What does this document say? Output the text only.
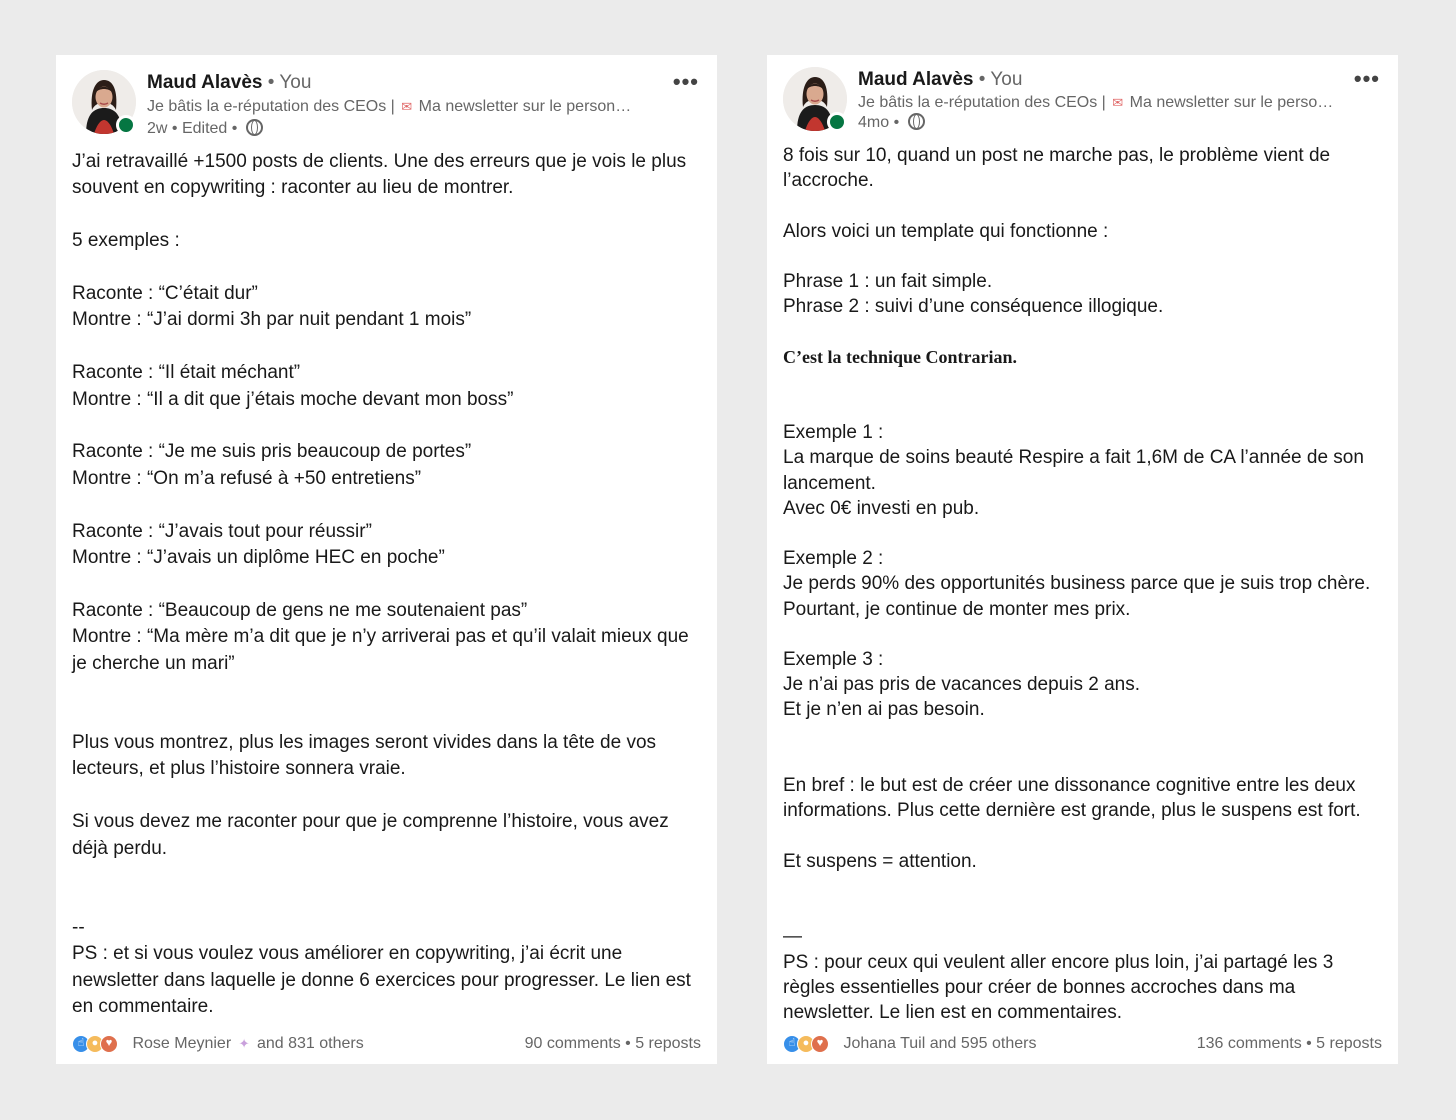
Maud Alavès • You
Je bâtis la e-réputation des CEOs | ✉ Ma newsletter sur le person…
2w • Edited •
•••

J’ai retravaillé +1500 posts de clients. Une des erreurs que je vois le plus souvent en copywriting : raconter au lieu de montrer.

5 exemples :

Raconte : “C’était dur”

Montre : “J’ai dormi 3h par nuit pendant 1 mois”

Raconte : “Il était méchant”

Montre : “Il a dit que j’étais moche devant mon boss”

Raconte : “Je me suis pris beaucoup de portes”

Montre : “On m’a refusé à +50 entretiens”

Raconte : “J’avais tout pour réussir”

Montre : “J’avais un diplôme HEC en poche”

Raconte : “Beaucoup de gens ne me soutenaient pas”

Montre : “Ma mère m’a dit que je n’y arriverai pas et qu’il valait mieux que je cherche un mari”

Plus vous montrez, plus les images seront vivides dans la tête de vos lecteurs, et plus l’histoire sonnera vraie.

Si vous devez me raconter pour que je comprenne l’histoire, vous avez déjà perdu.

--

PS : et si vous voulez vous améliorer en copywriting, j’ai écrit une newsletter dans laquelle je donne 6 exercices pour progresser. Le lien est en commentaire.

☝ ● ♥	Rose Meynier ✦ and 831 others	90 comments • 5 reposts
Maud Alavès • You
Je bâtis la e-réputation des CEOs | ✉ Ma newsletter sur le perso…
4mo •
•••

8 fois sur 10, quand un post ne marche pas, le problème vient de l’accroche.

Alors voici un template qui fonctionne :

Phrase 1 : un fait simple.

Phrase 2 : suivi d’une conséquence illogique.

C’est la technique Contrarian.

Exemple 1 :

La marque de soins beauté Respire a fait 1,6M de CA l’année de son lancement.

Avec 0€ investi en pub.

Exemple 2 :

Je perds 90% des opportunités business parce que je suis trop chère.

Pourtant, je continue de monter mes prix.

Exemple 3 :

Je n’ai pas pris de vacances depuis 2 ans.

Et je n’en ai pas besoin.

En bref : le but est de créer une dissonance cognitive entre les deux informations. Plus cette dernière est grande, plus le suspens est fort.

Et suspens = attention.

—

PS : pour ceux qui veulent aller encore plus loin, j’ai partagé les 3 règles essentielles pour créer de bonnes accroches dans ma newsletter. Le lien est en commentaires.

☝ ● ♥	Johana Tuil and 595 others	136 comments • 5 reposts
